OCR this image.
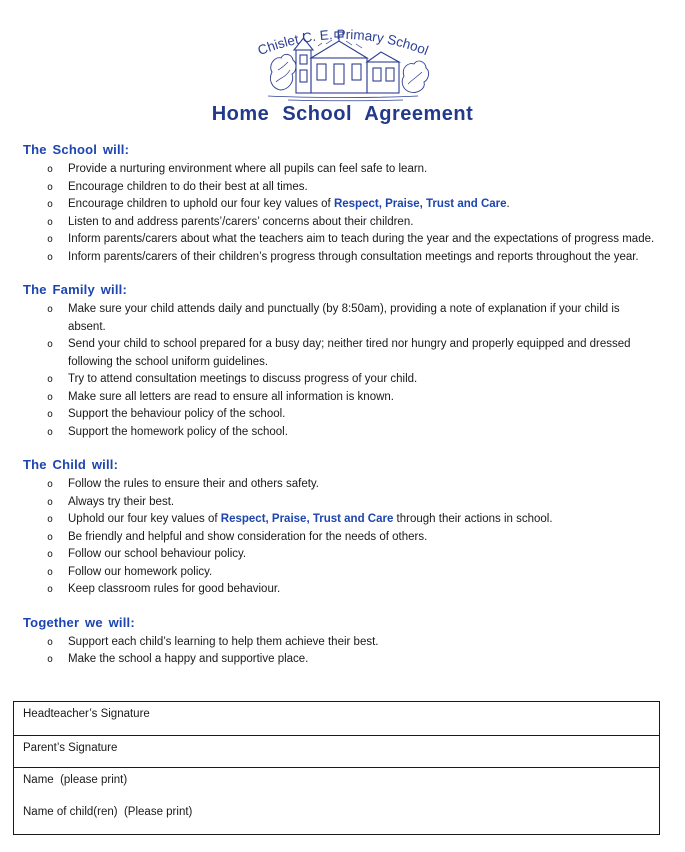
Chislet C. E. Primary School
Home School Agreement
The School will:
o	Provide a nurturing environment where all pupils can feel safe to learn.
o	Encourage children to do their best at all times.
o	Encourage children to uphold our four key values of Respect, Praise, Trust and Care.
o	Listen to and address parents’/carers’ concerns about their children.
o	Inform parents/carers about what the teachers aim to teach during the year and the expectations of progress made.
o	Inform parents/carers of their children’s progress through consultation meetings and reports throughout the year.
The Family will:
o	Make sure your child attends daily and punctually (by 8:50am), providing a note of explanation if your child is absent.
o	Send your child to school prepared for a busy day; neither tired nor hungry and properly equipped and dressed following the school uniform guidelines.
o	Try to attend consultation meetings to discuss progress of your child.
o	Make sure all letters are read to ensure all information is known.
o	Support the behaviour policy of the school.
o	Support the homework policy of the school.
The Child will:
o	Follow the rules to ensure their and others safety.
o	Always try their best.
o	Uphold our four key values of Respect, Praise, Trust and Care through their actions in school.
o	Be friendly and helpful and show consideration for the needs of others.
o	Follow our school behaviour policy.
o	Follow our homework policy.
o	Keep classroom rules for good behaviour.
Together we will:
o	Support each child’s learning to help them achieve their best.
o	Make the school a happy and supportive place.
Headteacher’s Signature
Parent’s Signature
Name  (please print)
Name of child(ren)  (Please print)
